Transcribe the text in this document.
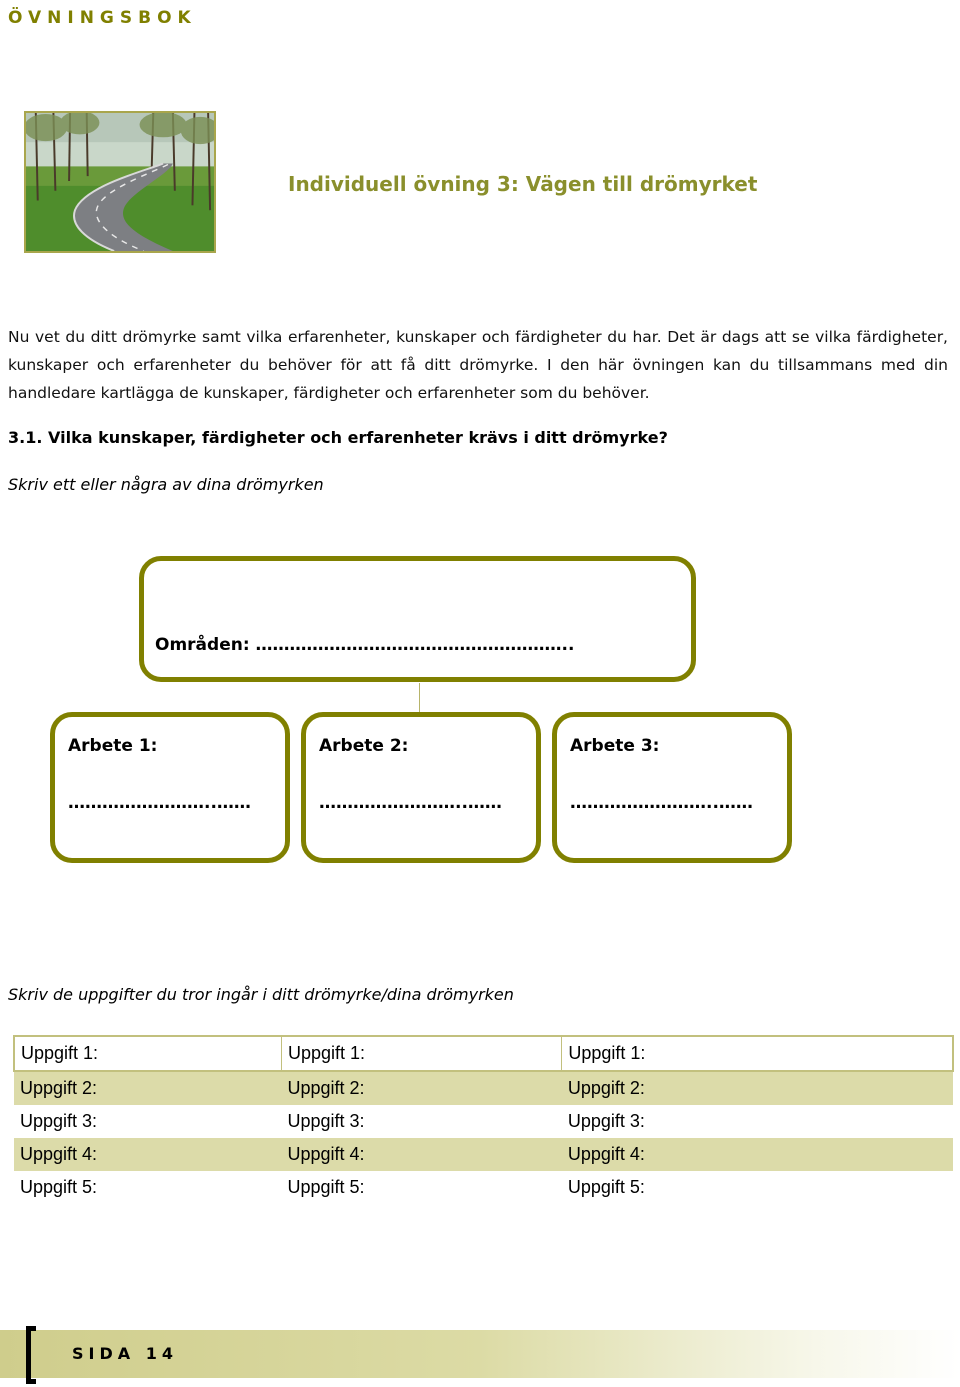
ÖVNINGSBOK
Individuell övning 3: Vägen till drömyrket
Nu vet du ditt drömyrke samt vilka erfarenheter, kunskaper och färdigheter du har. Det är dags att se vilka färdigheter, kunskaper och erfarenheter du behöver för att få ditt drömyrke. I den här övningen kan du tillsammans med din handledare kartlägga de kunskaper, färdigheter och erfarenheter som du behöver.
3.1. Vilka kunskaper, färdigheter och erfarenheter krävs i ditt drömyrke?
Skriv ett eller några av dina drömyrken
Områden: ………………………………………………..
Arbete 1:
……………………..……
Arbete 2:
……………………..……
Arbete 3:
……………………..……
Skriv de uppgifter du tror ingår i ditt drömyrke/dina drömyrken
Uppgift 1:	Uppgift 1:	Uppgift 1:
Uppgift 2:	Uppgift 2:	Uppgift 2:
Uppgift 3:	Uppgift 3:	Uppgift 3:
Uppgift 4:	Uppgift 4:	Uppgift 4:
Uppgift 5:	Uppgift 5:	Uppgift 5:
SIDA 14
